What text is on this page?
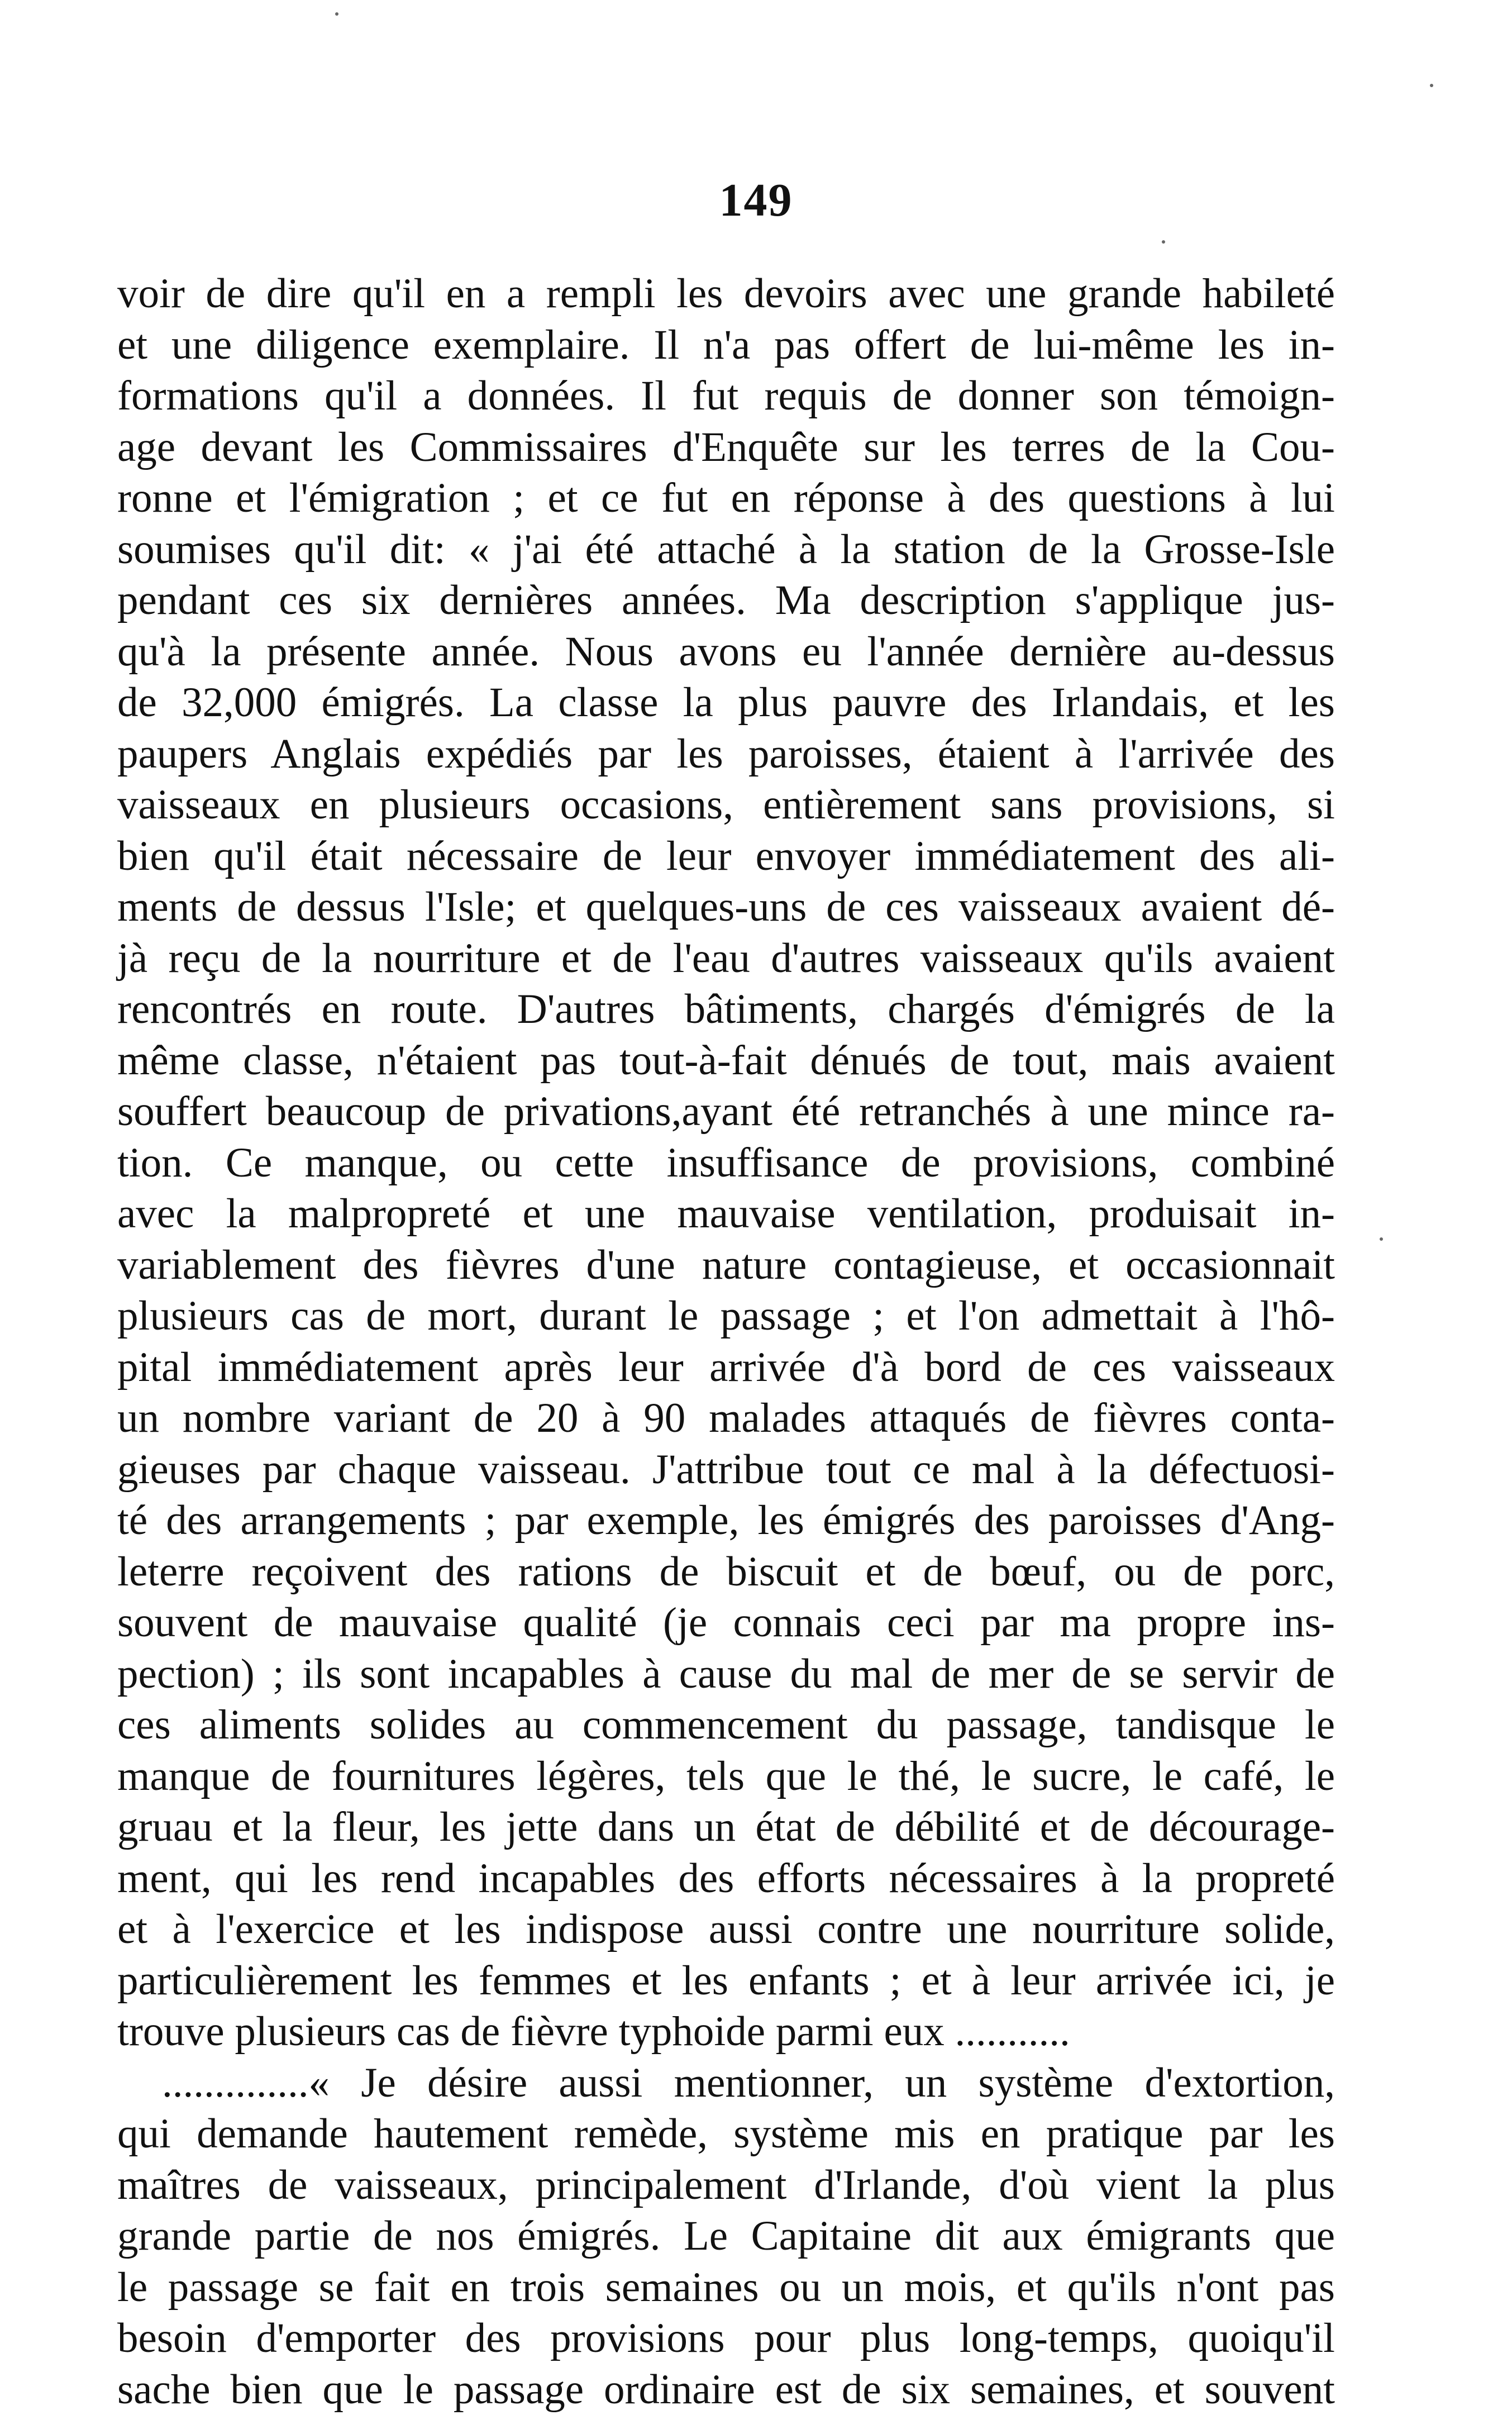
149
voir de dire qu'il en a rempli les devoirs avec une grande habileté
et une diligence exemplaire. Il n'a pas offert de lui-même les in-
formations qu'il a données. Il fut requis de donner son témoign-
age devant les Commissaires d'Enquête sur les terres de la Cou-
ronne et l'émigration ; et ce fut en réponse à des questions à lui
soumises qu'il dit: « j'ai été attaché à la station de la Grosse-Isle
pendant ces six dernières années. Ma description s'applique jus-
qu'à la présente année. Nous avons eu l'année dernière au-dessus
de 32,000 émigrés. La classe la plus pauvre des Irlandais, et les
paupers Anglais expédiés par les paroisses, étaient à l'arrivée des
vaisseaux en plusieurs occasions, entièrement sans provisions, si
bien qu'il était nécessaire de leur envoyer immédiatement des ali-
ments de dessus l'Isle; et quelques-uns de ces vaisseaux avaient dé-
jà reçu de la nourriture et de l'eau d'autres vaisseaux qu'ils avaient
rencontrés en route. D'autres bâtiments, chargés d'émigrés de la
même classe, n'étaient pas tout-à-fait dénués de tout, mais avaient
souffert beaucoup de privations,ayant été retranchés à une mince ra-
tion. Ce manque, ou cette insuffisance de provisions, combiné
avec la malpropreté et une mauvaise ventilation, produisait in-
variablement des fièvres d'une nature contagieuse, et occasionnait
plusieurs cas de mort, durant le passage ; et l'on admettait à l'hô-
pital immédiatement après leur arrivée d'à bord de ces vaisseaux
un nombre variant de 20 à 90 malades attaqués de fièvres conta-
gieuses par chaque vaisseau. J'attribue tout ce mal à la défectuosi-
té des arrangements ; par exemple, les émigrés des paroisses d'Ang-
leterre reçoivent des rations de biscuit et de bœuf, ou de porc,
souvent de mauvaise qualité (je connais ceci par ma propre ins-
pection) ; ils sont incapables à cause du mal de mer de se servir de
ces aliments solides au commencement du passage, tandisque le
manque de fournitures légères, tels que le thé, le sucre, le café, le
gruau et la fleur, les jette dans un état de débilité et de découragе-
ment, qui les rend incapables des efforts nécessaires à la propreté
et à l'exercice et les indispose aussi contre une nourriture solide,
particulièrement les femmes et les enfants ; et à leur arrivée ici, je
trouve plusieurs cas de fièvre typhoide parmi eux ...........
..............« Je désire aussi mentionner, un système d'extortion,
qui demande hautement remède, système mis en pratique par les
maîtres de vaisseaux, principalement d'Irlande, d'où vient la plus
grande partie de nos émigrés. Le Capitaine dit aux émigrants que
le passage se fait en trois semaines ou un mois, et qu'ils n'ont pas
besoin d'emporter des provisions pour plus long-temps, quoiqu'il
sache bien que le passage ordinaire est de six semaines, et souvent
